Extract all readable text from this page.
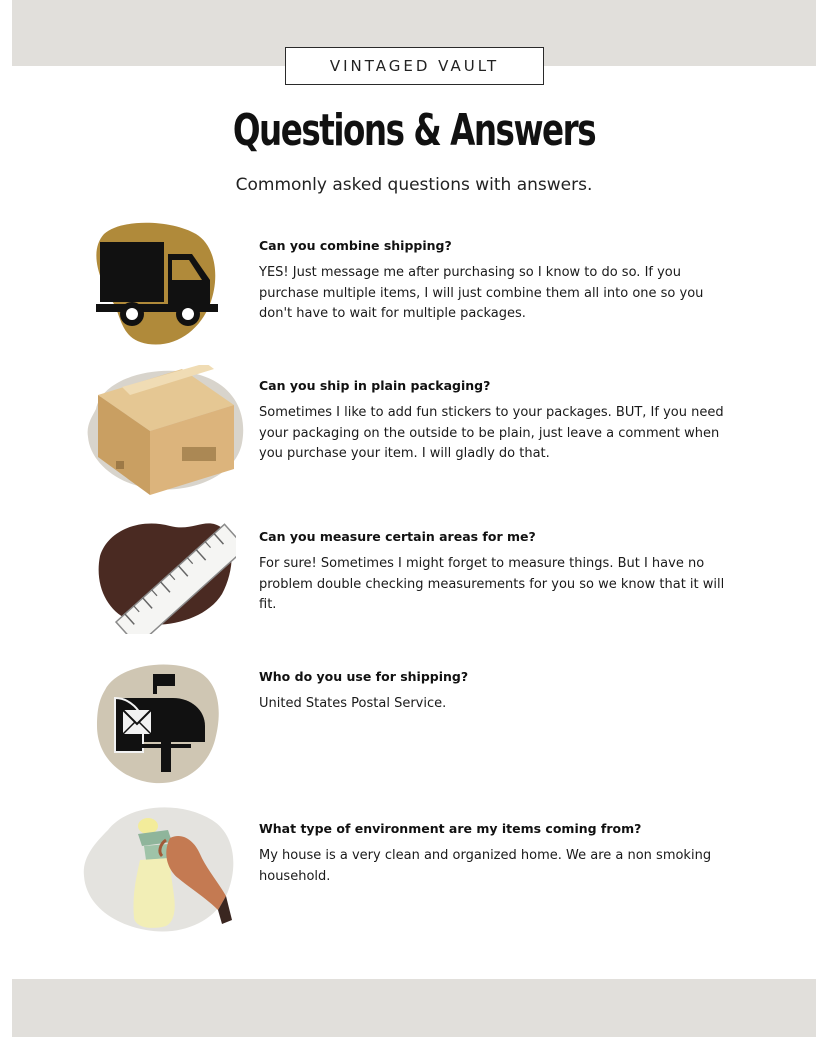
VINTAGED VAULT
Questions & Answers
Commonly asked questions with answers.
Can you combine shipping?
YES! Just message me after purchasing so I know to do so. If you purchase multiple items, I will just combine them all into one so you don't have to wait for multiple packages.
Can you ship in plain packaging?
Sometimes I like to add fun stickers to your packages. BUT, If you need your packaging on the outside to be plain, just leave a comment when you purchase your item. I will gladly do that.
Can you measure certain areas for me?
For sure! Sometimes I might forget to measure things. But I have no problem double checking measurements for you so we know that it will fit.
Who do you use for shipping?
United States Postal Service.
What type of environment are my items coming from?
My house is a very clean and organized home. We are a non smoking household.
